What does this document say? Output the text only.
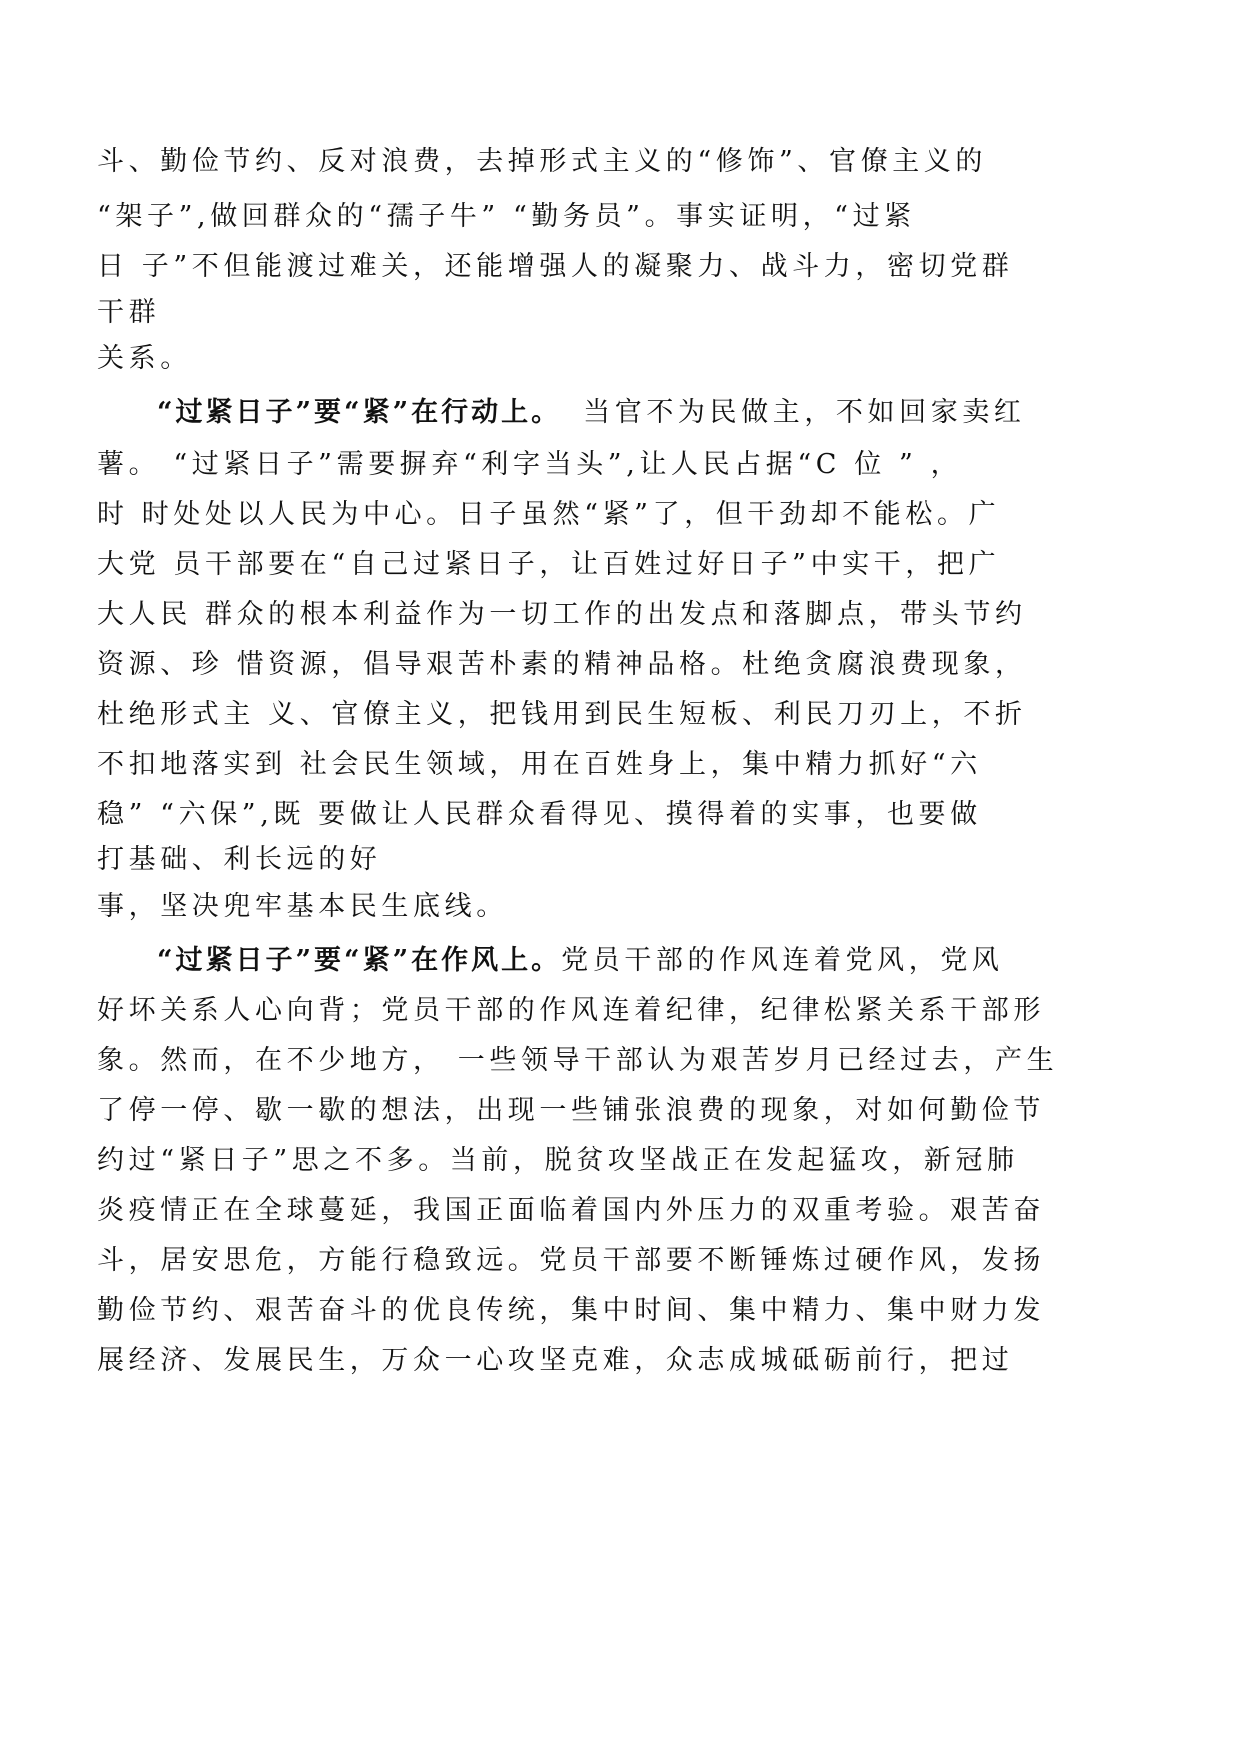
斗、勤俭节约、反对浪费，去掉形式主义的“修饰”、官僚主义的
“架子”,做回群众的“孺子牛” “勤务员”。事实证明，“过紧
日 子”不但能渡过难关，还能增强人的凝聚力、战斗力，密切党群
干群
关系。
“过紧日子”要“紧”在行动上。 当官不为民做主，不如回家卖红
薯。 “过紧日子”需要摒弃“利字当头”,让人民占据“C 位 ” ，
时 时处处以人民为中心。日子虽然“紧”了，但干劲却不能松。广
大党 员干部要在“自己过紧日子，让百姓过好日子”中实干，把广
大人民 群众的根本利益作为一切工作的出发点和落脚点，带头节约
资源、珍 惜资源，倡导艰苦朴素的精神品格。杜绝贪腐浪费现象，
杜绝形式主 义、官僚主义，把钱用到民生短板、利民刀刃上，不折
不扣地落实到 社会民生领域，用在百姓身上，集中精力抓好“六
稳” “六保”,既 要做让人民群众看得见、摸得着的实事，也要做
打基础、利长远的好
事，坚决兜牢基本民生底线。
“过紧日子”要“紧”在作风上。党员干部的作风连着党风，党风
好坏关系人心向背；党员干部的作风连着纪律，纪律松紧关系干部形
象。然而，在不少地方， 一些领导干部认为艰苦岁月已经过去，产生
了停一停、歇一歇的想法，出现一些铺张浪费的现象，对如何勤俭节
约过“紧日子”思之不多。当前，脱贫攻坚战正在发起猛攻，新冠肺
炎疫情正在全球蔓延，我国正面临着国内外压力的双重考验。艰苦奋
斗，居安思危，方能行稳致远。党员干部要不断锤炼过硬作风，发扬
勤俭节约、艰苦奋斗的优良传统，集中时间、集中精力、集中财力发
展经济、发展民生，万众一心攻坚克难，众志成城砥砺前行，把过
